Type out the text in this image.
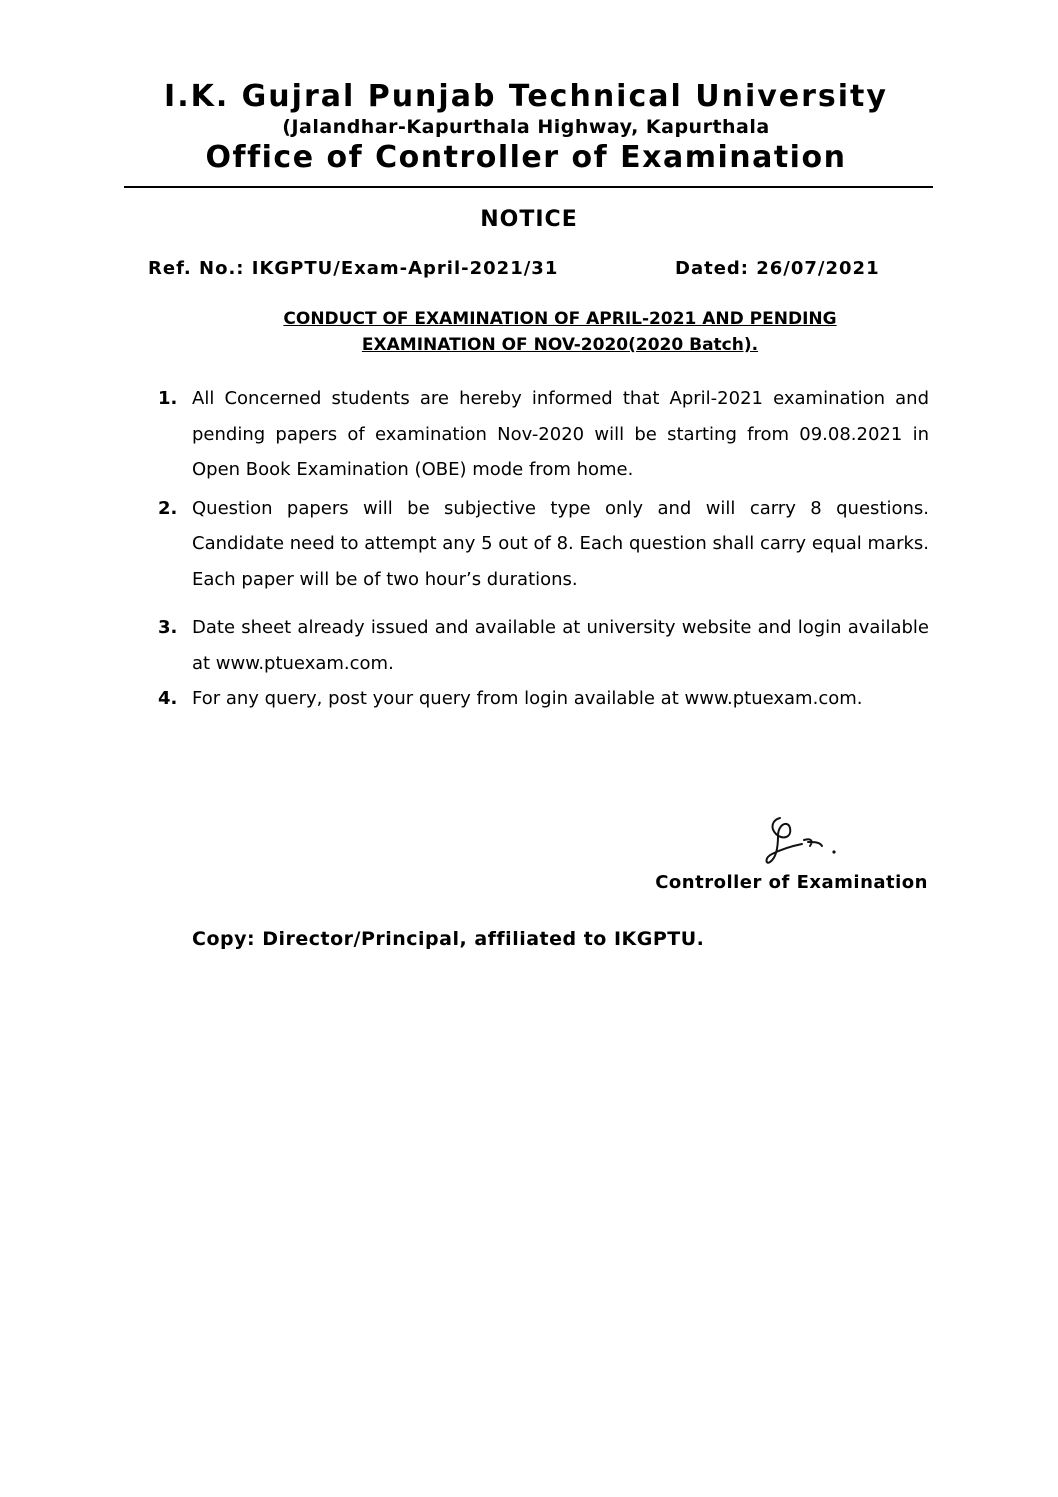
I.K. Gujral Punjab Technical University

(Jalandhar-Kapurthala Highway, Kapurthala

Office of Controller of Examination

NOTICE
Ref. No.: IKGPTU/Exam-April-2021/31	Dated: 26/07/2021
CONDUCT OF EXAMINATION OF APRIL-2021 AND PENDING
EXAMINATION OF NOV-2020(2020 Batch).
1. All Concerned students are hereby informed that April-2021 examination and pending papers of examination Nov-2020 will be starting from 09.08.2021 in Open Book Examination (OBE) mode from home.
2. Question papers will be subjective type only and will carry 8 questions. Candidate need to attempt any 5 out of 8. Each question shall carry equal marks. Each paper will be of two hour’s durations.
3. Date sheet already issued and available at university website and login available at www.ptuexam.com.
4. For any query, post your query from login available at www.ptuexam.com.
Controller of Examination
Copy: Director/Principal, affiliated to IKGPTU.
